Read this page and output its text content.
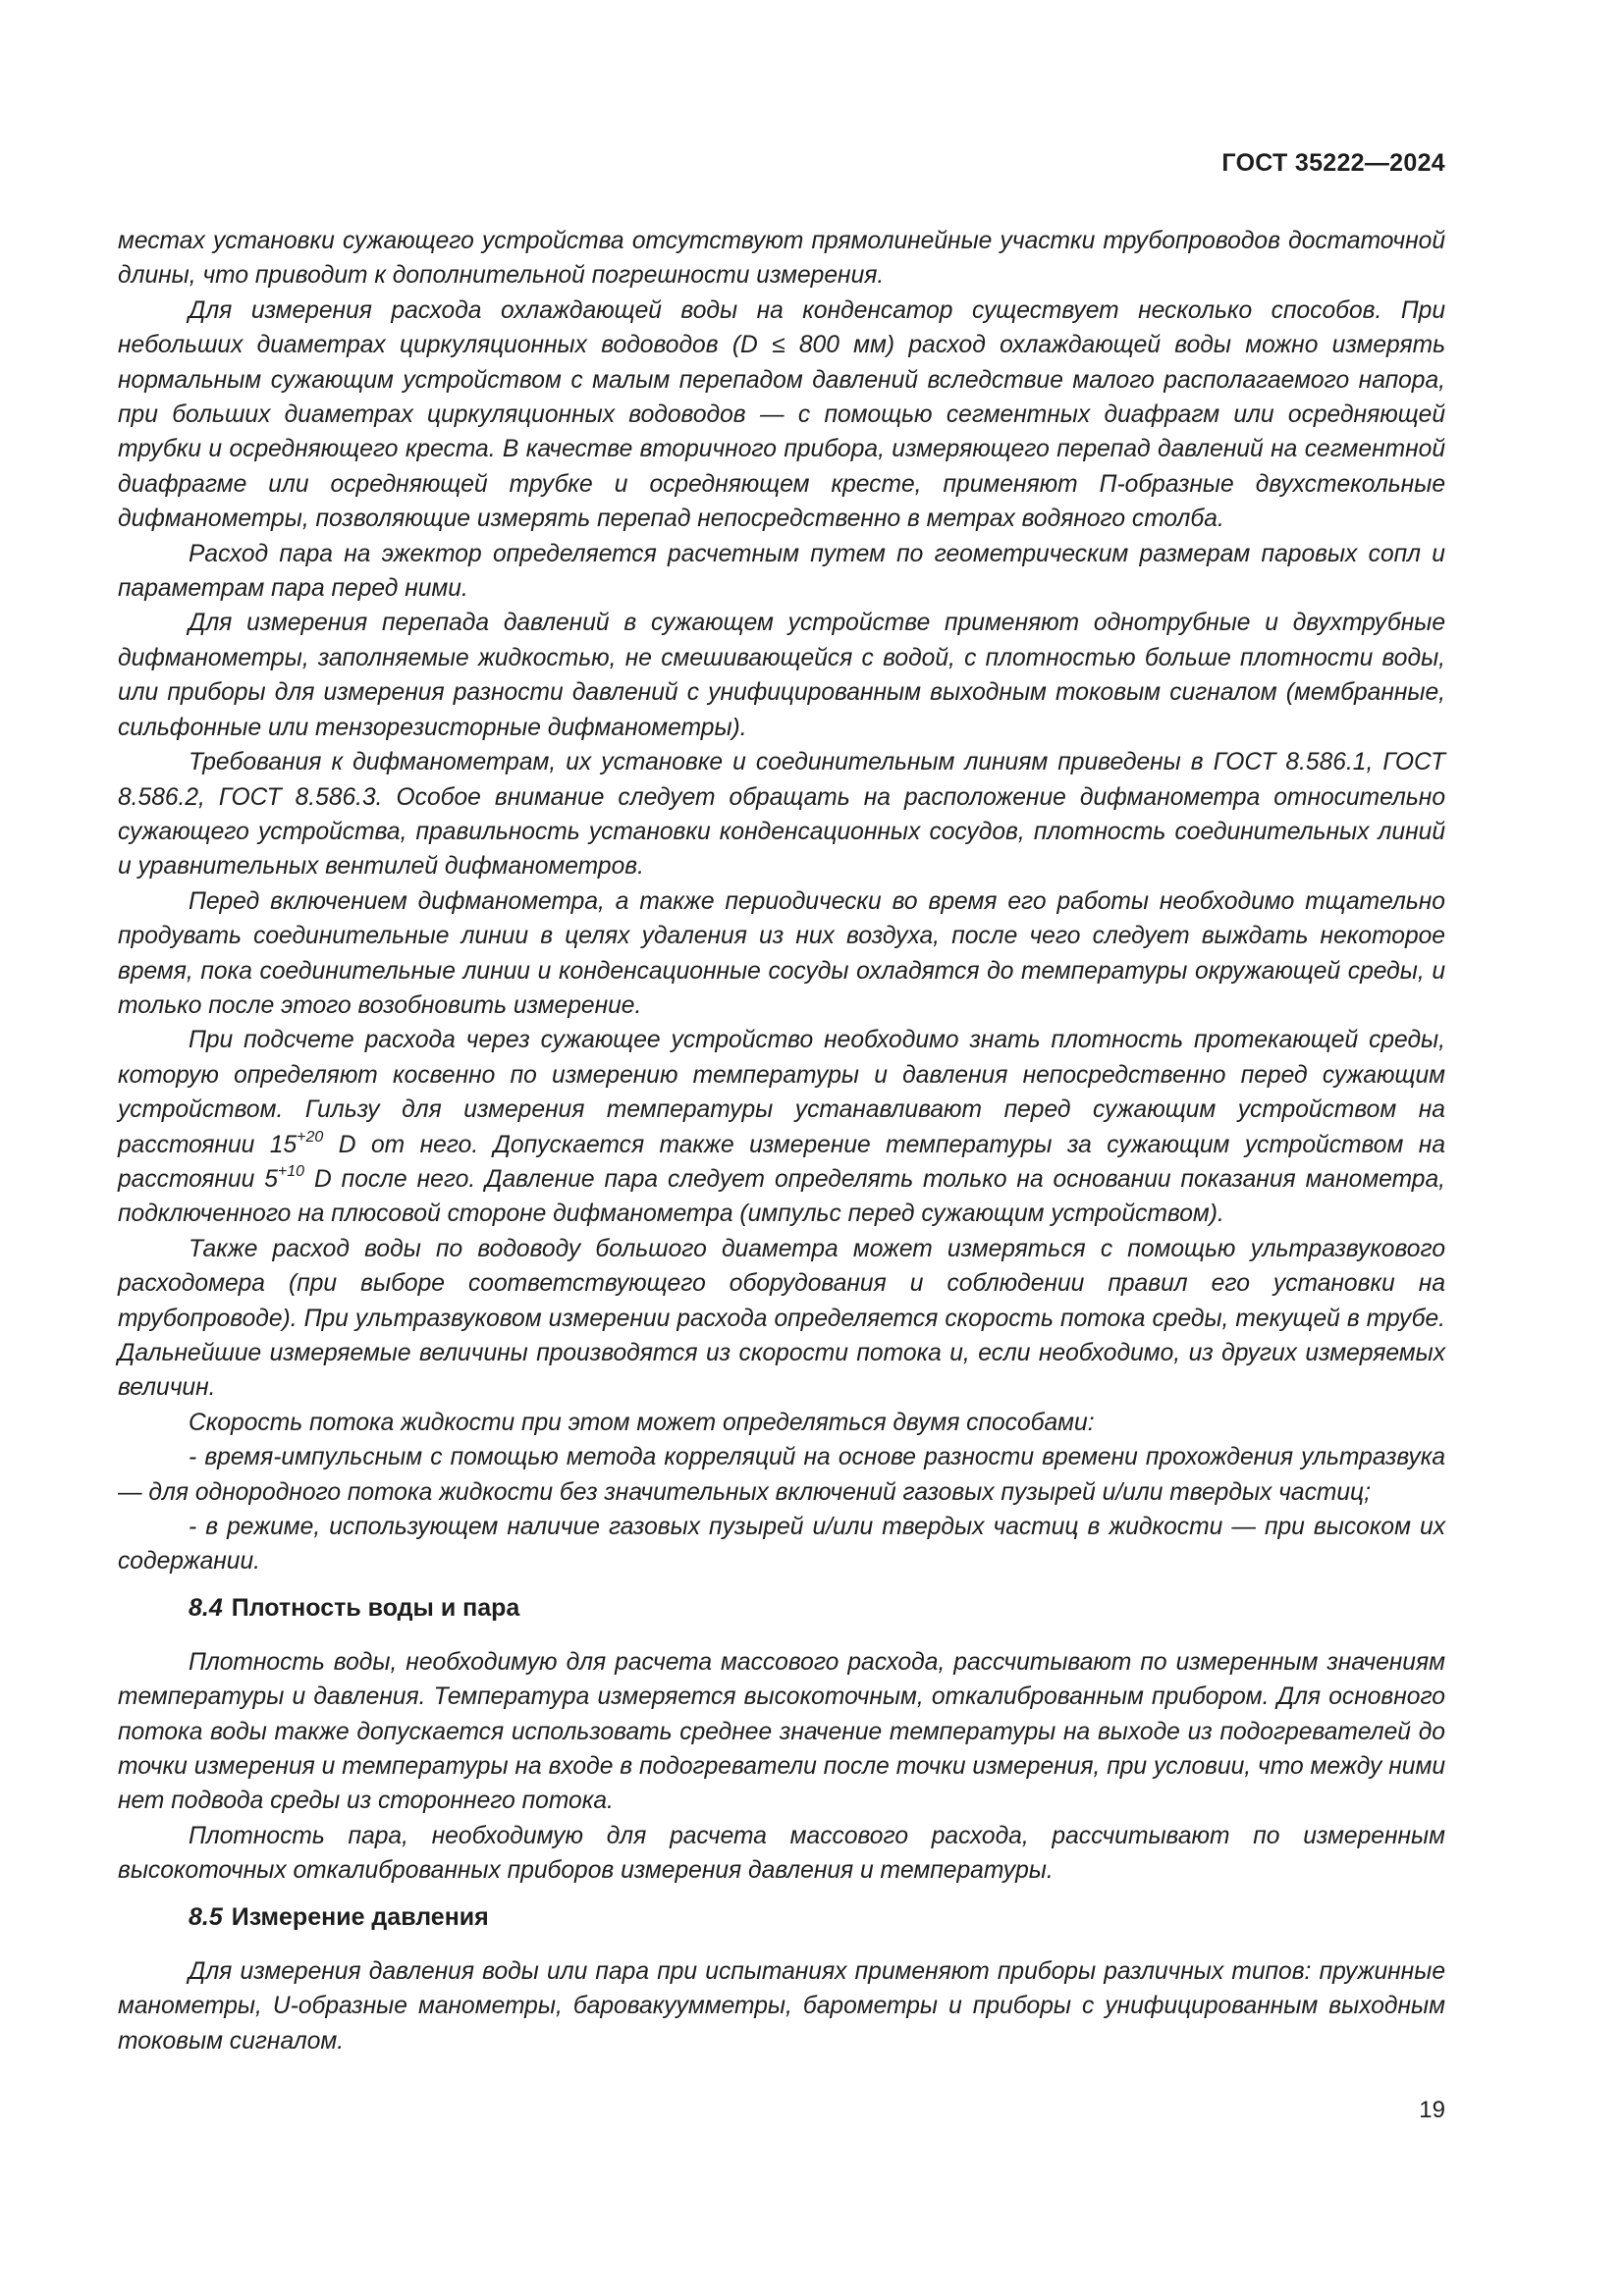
ГОСТ 35222—2024

местах установки сужающего устройства отсутствуют прямолинейные участки трубопроводов достаточной длины, что приводит к дополнительной погрешности измерения.

Для измерения расхода охлаждающей воды на конденсатор существует несколько способов. При небольших диаметрах циркуляционных водоводов (D ≤ 800 мм) расход охлаждающей воды можно измерять нормальным сужающим устройством с малым перепадом давлений вследствие малого располагаемого напора, при больших диаметрах циркуляционных водоводов — с помощью сегментных диафрагм или осредняющей трубки и осредняющего креста. В качестве вторичного прибора, измеряющего перепад давлений на сегментной диафрагме или осредняющей трубке и осредняющем кресте, применяют П-образные двухстекольные дифманометры, позволяющие измерять перепад непосредственно в метрах водяного столба.

Расход пара на эжектор определяется расчетным путем по геометрическим размерам паровых сопл и параметрам пара перед ними.

Для измерения перепада давлений в сужающем устройстве применяют однотрубные и двухтрубные дифманометры, заполняемые жидкостью, не смешивающейся с водой, с плотностью больше плотности воды, или приборы для измерения разности давлений с унифицированным выходным токовым сигналом (мембранные, сильфонные или тензорезисторные дифманометры).

Требования к дифманометрам, их установке и соединительным линиям приведены в ГОСТ 8.586.1, ГОСТ 8.586.2, ГОСТ 8.586.3. Особое внимание следует обращать на расположение дифманометра относительно сужающего устройства, правильность установки конденсационных сосудов, плотность соединительных линий и уравнительных вентилей дифманометров.

Перед включением дифманометра, а также периодически во время его работы необходимо тщательно продувать соединительные линии в целях удаления из них воздуха, после чего следует выждать некоторое время, пока соединительные линии и конденсационные сосуды охладятся до температуры окружающей среды, и только после этого возобновить измерение.

При подсчете расхода через сужающее устройство необходимо знать плотность протекающей среды, которую определяют косвенно по измерению температуры и давления непосредственно перед сужающим устройством. Гильзу для измерения температуры устанавливают перед сужающим устройством на расстоянии $15^{+20}$ D от него. Допускается также измерение температуры за сужающим устройством на расстоянии $5^{+10}$ D после него. Давление пара следует определять только на основании показания манометра, подключенного на плюсовой стороне дифманометра (импульс перед сужающим устройством).

Также расход воды по водоводу большого диаметра может измеряться с помощью ультразвукового расходомера (при выборе соответствующего оборудования и соблюдении правил его установки на трубопроводе). При ультразвуковом измерении расхода определяется скорость потока среды, текущей в трубе. Дальнейшие измеряемые величины производятся из скорости потока и, если необходимо, из других измеряемых величин.

Скорость потока жидкости при этом может определяться двумя способами:

- время-импульсным с помощью метода корреляций на основе разности времени прохождения ультразвука — для однородного потока жидкости без значительных включений газовых пузырей и/или твердых частиц;

- в режиме, использующем наличие газовых пузырей и/или твердых частиц в жидкости — при высоком их содержании.

8.4 Плотность воды и пара

Плотность воды, необходимую для расчета массового расхода, рассчитывают по измеренным значениям температуры и давления. Температура измеряется высокоточным, откалиброванным прибором. Для основного потока воды также допускается использовать среднее значение температуры на выходе из подогревателей до точки измерения и температуры на входе в подогреватели после точки измерения, при условии, что между ними нет подвода среды из стороннего потока.

Плотность пара, необходимую для расчета массового расхода, рассчитывают по измеренным высокоточных откалиброванных приборов измерения давления и температуры.

8.5 Измерение давления

Для измерения давления воды или пара при испытаниях применяют приборы различных типов: пружинные манометры, U-образные манометры, баровакуумметры, барометры и приборы с унифицированным выходным токовым сигналом.

19
